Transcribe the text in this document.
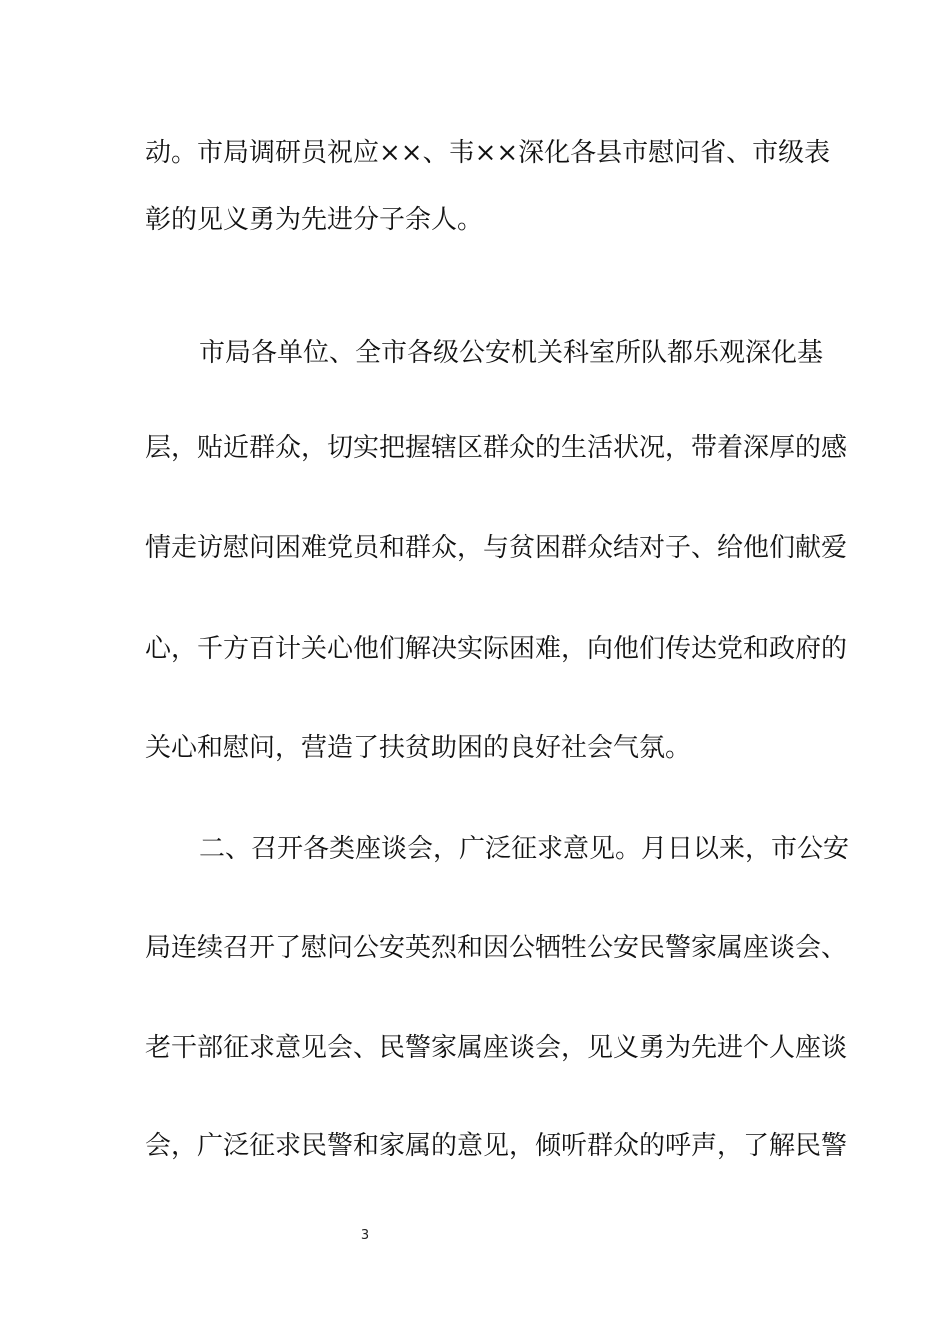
动。市局调研员祝应××、韦××深化各县市慰问省、市级表
彰的见义勇为先进分子余人。
市局各单位、全市各级公安机关科室所队都乐观深化基
层，贴近群众，切实把握辖区群众的生活状况，带着深厚的感
情走访慰问困难党员和群众，与贫困群众结对子、给他们献爱
心，千方百计关心他们解决实际困难，向他们传达党和政府的
关心和慰问，营造了扶贫助困的良好社会气氛。
二、召开各类座谈会，广泛征求意见。月日以来，市公安
局连续召开了慰问公安英烈和因公牺牲公安民警家属座谈会、
老干部征求意见会、民警家属座谈会，见义勇为先进个人座谈
会，广泛征求民警和家属的意见，倾听群众的呼声，了解民警
3
